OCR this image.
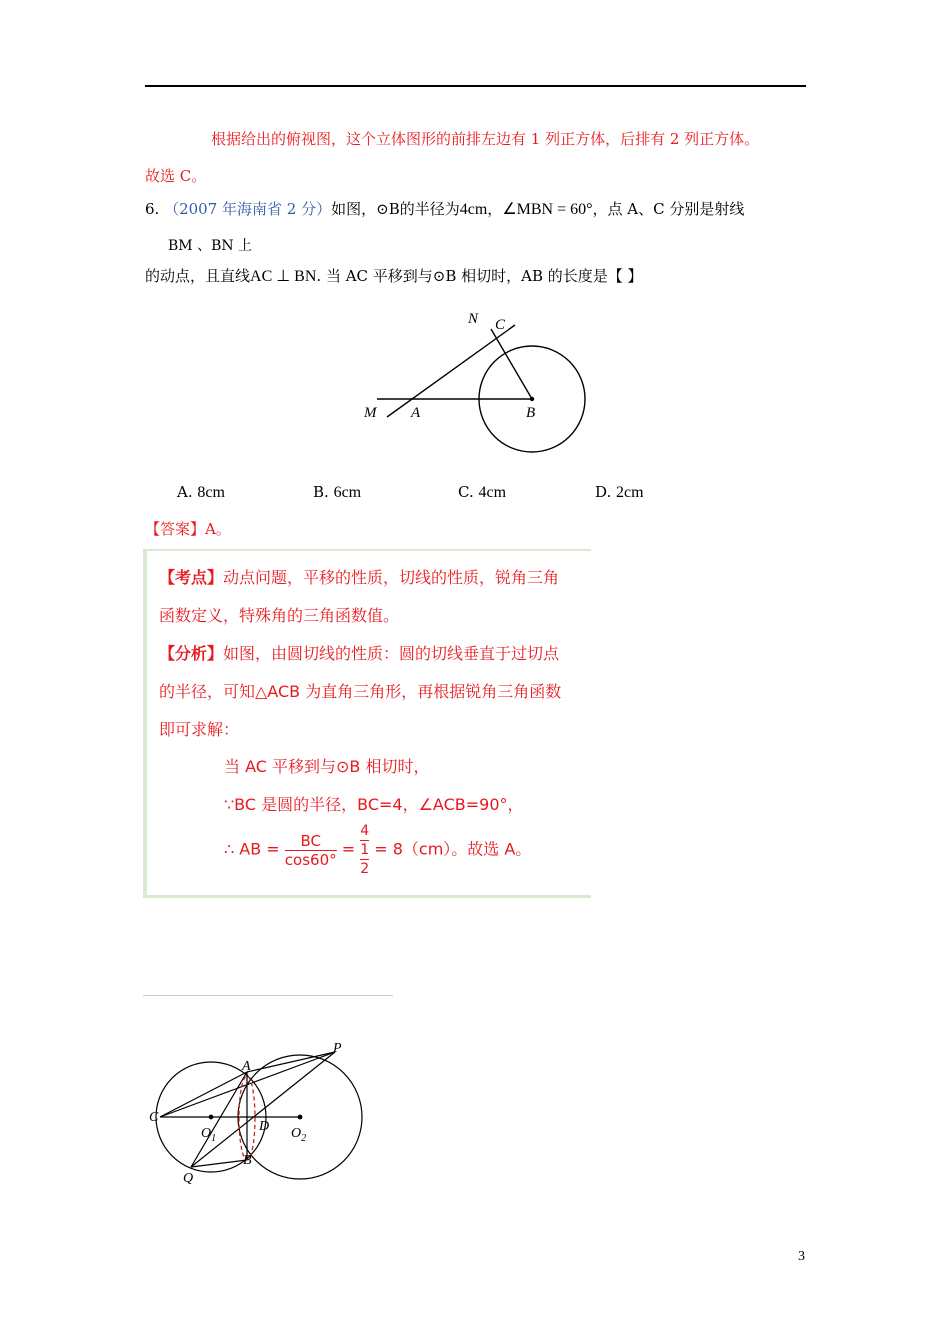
根据给出的俯视图，这个立体图形的前排左边有 1 列正方体，后排有 2 列正方体。
故选 C。
6. （2007 年海南省 2 分）如图，⊙B的半径为4cm，∠MBN = 60°，点 A、C 分别是射线
BM 、BN 上
的动点，且直线AC ⊥ BN. 当 AC 平移到与⊙B 相切时，AB 的长度是【 】
N C
M A	B
A. 8cm	B. 6cm	C. 4cm	D. 2cm
【答案】A。
【考点】动点问题，平移的性质，切线的性质，锐角三角
函数定义，特殊角的三角函数值。
【分析】如图，由圆切线的性质：圆的切线垂直于过切点
的半径，可知△ACB 为直角三角形，再根据锐角三角函数
即可求解：
当 AC 平移到与⊙B 相切时，
∵BC 是圆的半径，BC=4，∠ACB=90°，
∴ AB = $\frac{BC}{\cos 60^\circ}$ =
4
1
2
= 8（cm）。故选 A。
P
A
C
$O_1$
D $O_2$
Q
B
3
